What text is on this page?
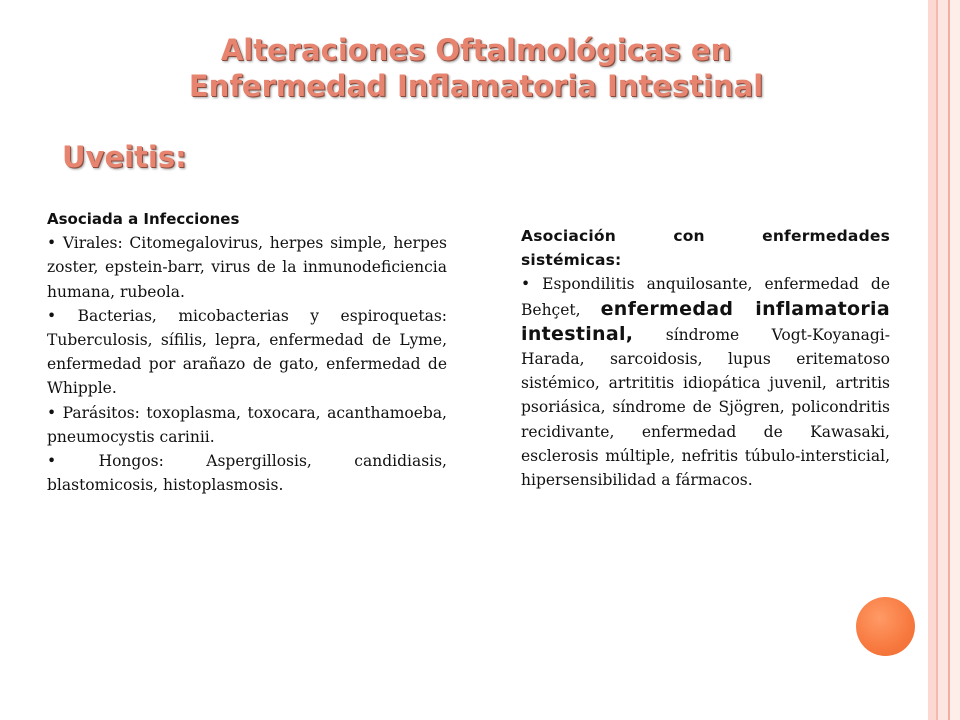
Alteraciones Oftalmológicas en
Enfermedad Inflamatoria Intestinal
Uveitis:

Asociada a Infecciones

• Virales: Citomegalovirus, herpes simple, herpes zoster, epstein-barr, virus de la inmunodeficiencia humana, rubeola.

• Bacterias, micobacterias y espiroquetas: Tuberculosis, sífilis, lepra, enfermedad de Lyme, enfermedad por arañazo de gato, enfermedad de Whipple.

• Parásitos: toxoplasma, toxocara, acanthamoeba, pneumocystis carinii.

• Hongos: Aspergillosis, candidiasis, blastomicosis, histoplasmosis.

Asociación con enfermedades sistémicas:

• Espondilitis anquilosante, enfermedad de Behçet, enfermedad inflamatoria intestinal, síndrome Vogt-Koyanagi-Harada, sarcoidosis, lupus eritematoso sistémico, artrititis idiopática juvenil, artritis psoriásica, síndrome de Sjögren, policondritis recidivante, enfermedad de Kawasaki, esclerosis múltiple, nefritis túbulo-intersticial, hipersensibilidad a fármacos.
